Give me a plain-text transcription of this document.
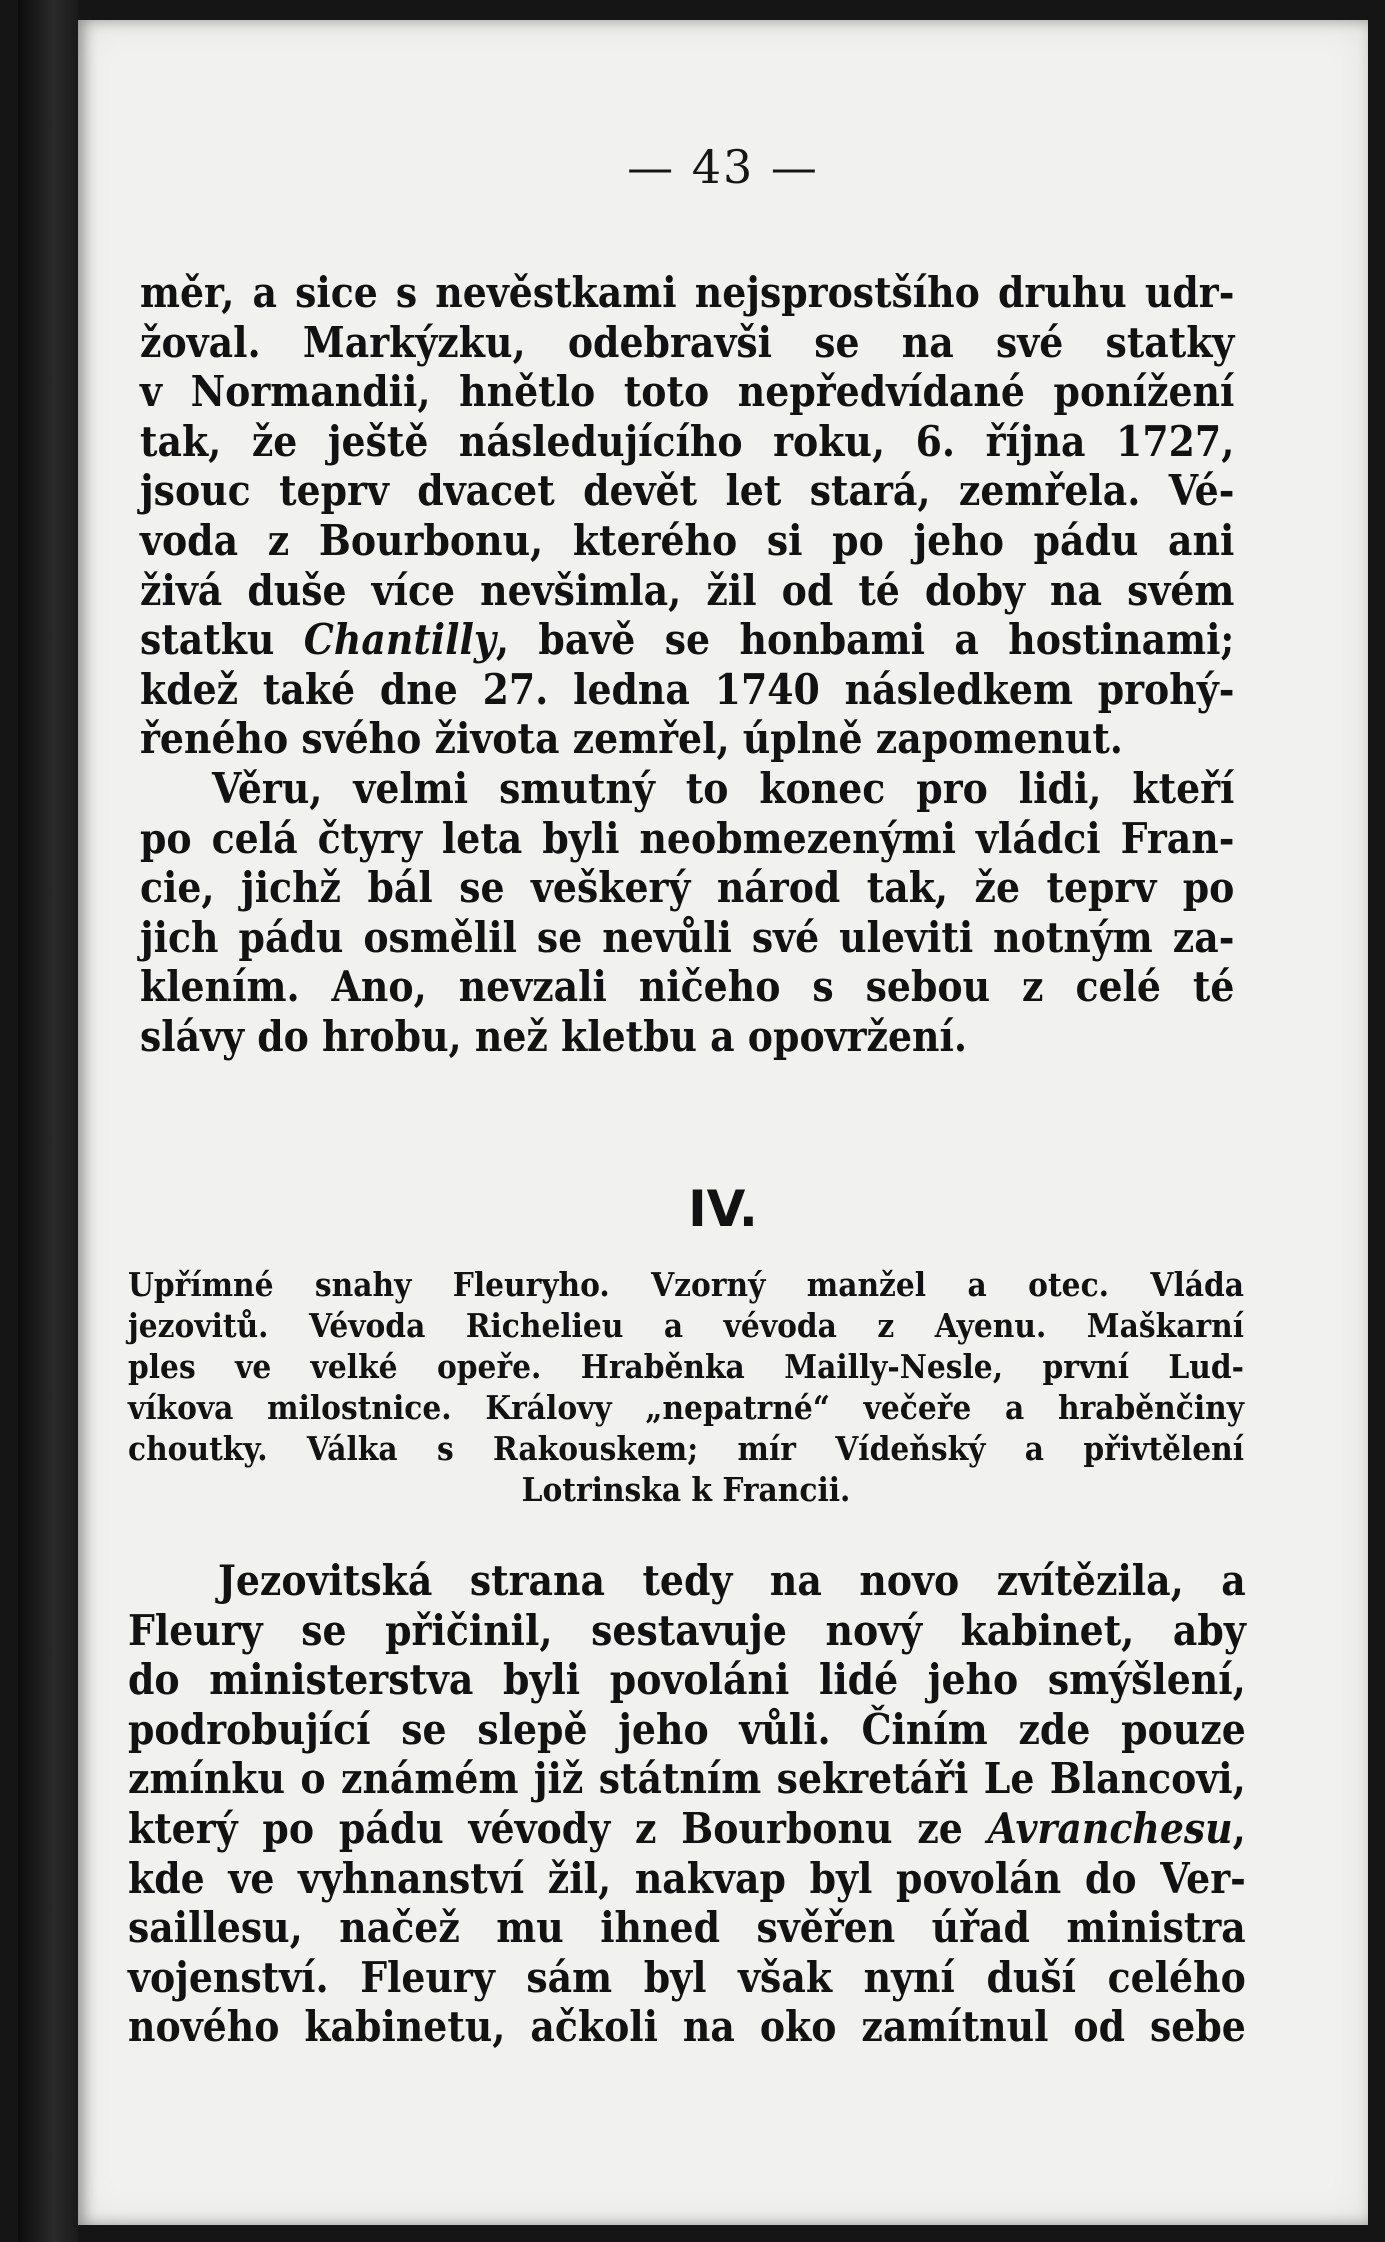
— 43 —
měr, a sice s nevěstkami nejsprostšího druhu udr-
žoval. Markýzku, odebravši se na své statky
v Normandii, hnětlo toto nepředvídané ponížení
tak, že ještě následujícího roku, 6. října 1727,
jsouc teprv dvacet devět let stará, zemřela. Vé-
voda z Bourbonu, kterého si po jeho pádu ani
živá duše více nevšimla, žil od té doby na svém
statku Chantilly, bavě se honbami a hostinami;
kdež také dne 27. ledna 1740 následkem prohý-
řeného svého života zemřel, úplně zapomenut.
Věru, velmi smutný to konec pro lidi, kteří
po celá čtyry leta byli neobmezenými vládci Fran-
cie, jichž bál se veškerý národ tak, že teprv po
jich pádu osmělil se nevůli své uleviti notným za-
klením. Ano, nevzali ničeho s sebou z celé té
slávy do hrobu, než kletbu a opovržení.
IV.
Upřímné snahy Fleuryho. Vzorný manžel a otec. Vláda
jezovitů. Vévoda Richelieu a vévoda z Ayenu. Maškarní
ples ve velké opeře. Hraběnka Mailly-Nesle, první Lud-
víkova milostnice. Královy „nepatrné“ večeře a hraběnčiny
choutky. Válka s Rakouskem; mír Vídeňský a přivtělení
Lotrinska k Francii.
Jezovitská strana tedy na novo zvítězila, a
Fleury se přičinil, sestavuje nový kabinet, aby
do ministerstva byli povoláni lidé jeho smýšlení,
podrobující se slepě jeho vůli. Činím zde pouze
zmínku o známém již státním sekretáři Le Blancovi,
který po pádu vévody z Bourbonu ze Avranchesu,
kde ve vyhnanství žil, nakvap byl povolán do Ver-
saillesu, načež mu ihned svěřen úřad ministra
vojenství. Fleury sám byl však nyní duší celého
nového kabinetu, ačkoli na oko zamítnul od sebe
